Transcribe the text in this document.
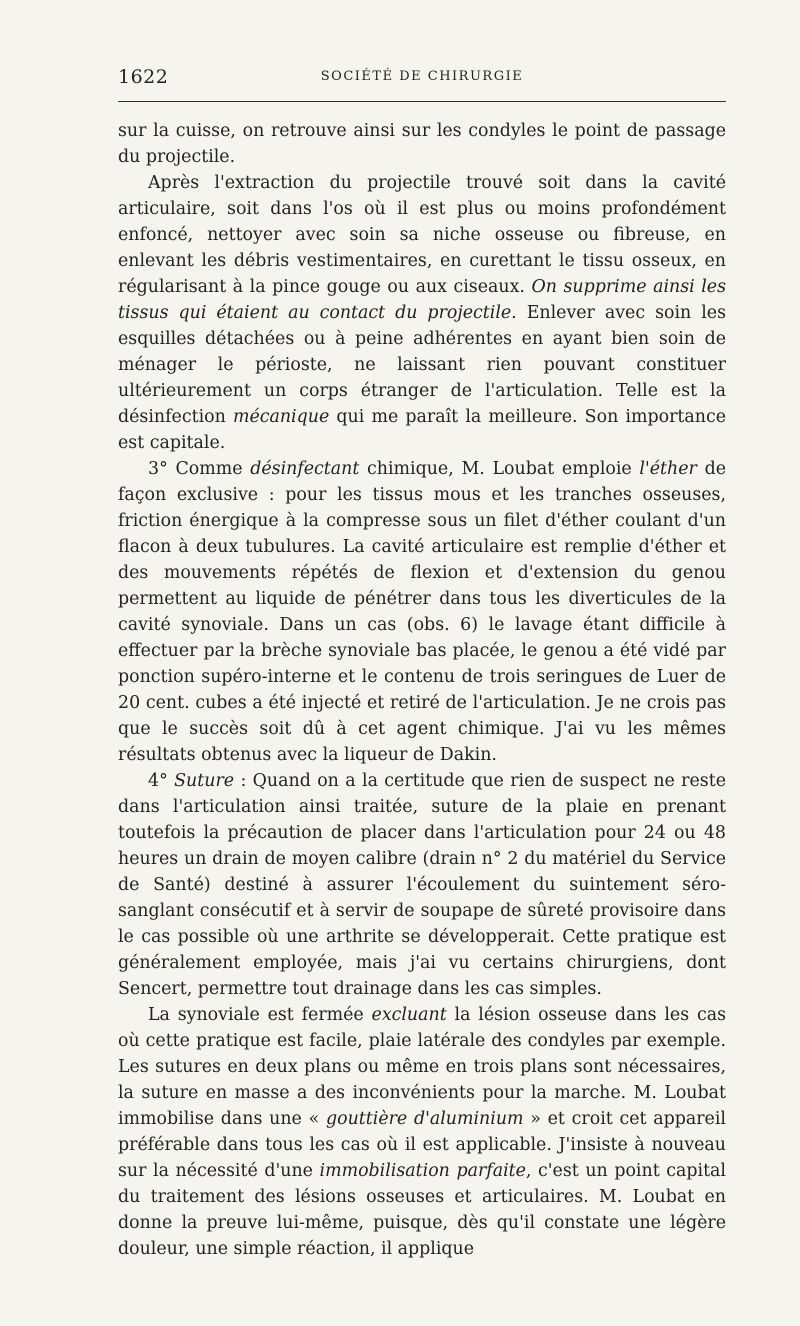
1622	SOCIÉTÉ DE CHIRURGIE

sur la cuisse, on retrouve ainsi sur les condyles le point de passage du projectile.

Après l'extraction du projectile trouvé soit dans la cavité articulaire, soit dans l'os où il est plus ou moins profondément enfoncé, nettoyer avec soin sa niche osseuse ou fibreuse, en enlevant les débris vestimentaires, en curettant le tissu osseux, en régularisant à la pince gouge ou aux ciseaux. On supprime ainsi les tissus qui étaient au contact du projectile. Enlever avec soin les esquilles détachées ou à peine adhérentes en ayant bien soin de ménager le périoste, ne laissant rien pouvant constituer ultérieurement un corps étranger de l'articulation. Telle est la désinfection mécanique qui me paraît la meilleure. Son importance est capitale.

3° Comme désinfectant chimique, M. Loubat emploie l'éther de façon exclusive : pour les tissus mous et les tranches osseuses, friction énergique à la compresse sous un filet d'éther coulant d'un flacon à deux tubulures. La cavité articulaire est remplie d'éther et des mouvements répétés de flexion et d'extension du genou permettent au liquide de pénétrer dans tous les diverticules de la cavité synoviale. Dans un cas (obs. 6) le lavage étant difficile à effectuer par la brèche synoviale bas placée, le genou a été vidé par ponction supéro-interne et le contenu de trois seringues de Luer de 20 cent. cubes a été injecté et retiré de l'articulation. Je ne crois pas que le succès soit dû à cet agent chimique. J'ai vu les mêmes résultats obtenus avec la liqueur de Dakin.

4° Suture : Quand on a la certitude que rien de suspect ne reste dans l'articulation ainsi traitée, suture de la plaie en prenant toutefois la précaution de placer dans l'articulation pour 24 ou 48 heures un drain de moyen calibre (drain n° 2 du matériel du Service de Santé) destiné à assurer l'écoulement du suintement séro-sanglant consécutif et à servir de soupape de sûreté provisoire dans le cas possible où une arthrite se développerait. Cette pratique est généralement employée, mais j'ai vu certains chirurgiens, dont Sencert, permettre tout drainage dans les cas simples.

La synoviale est fermée excluant la lésion osseuse dans les cas où cette pratique est facile, plaie latérale des condyles par exemple. Les sutures en deux plans ou même en trois plans sont nécessaires, la suture en masse a des inconvénients pour la marche. M. Loubat immobilise dans une « gouttière d'aluminium » et croit cet appareil préférable dans tous les cas où il est applicable. J'insiste à nouveau sur la nécessité d'une immobilisation parfaite, c'est un point capital du traitement des lésions osseuses et articulaires. M. Loubat en donne la preuve lui-même, puisque, dès qu'il constate une légère douleur, une simple réaction, il applique
